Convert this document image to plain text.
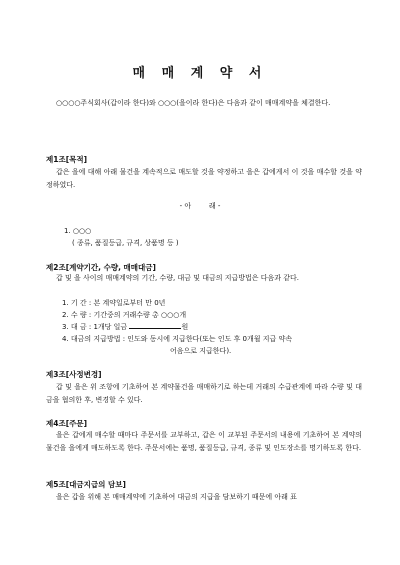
매 매 계 약 서
○○○○주식회사(갑이라 한다)와 ○○○(을이라 한다)은 다음과 같이 매매계약을 체결한다.
제1조[목적]
갑은 을에 대해 아래 물건을 계속적으로 매도할 것을 약정하고 을은 갑에게서 이 것을 매수할 것을 약정하였다.
- 아        래 -
1. ○○○
( 종류, 품질등급, 규격, 상품명 등 )
제2조[계약기간, 수량, 매매대금]
갑 및 을 사이의 매매계약의 기간, 수량, 대금 및 대금의 지급방법은 다음과 같다.
1. 기 간 : 본 계약일로부터 만 0년
2. 수 량 : 기간중의 거래수량 총 ○○○개
3. 대 금 : 1개당 일금	원
4. 대금의 지급방법 : 인도와 동시에 지급한다(또는 인도 후 0개월 지급 약속
어음으로 지급한다).
제3조[사정변경]
갑 및 을은 위 조항에 기초하여 본 계약물건을 매매하기로 하는데 거래의 수급관계에 따라 수량 및 대금을 협의한 후, 변경할 수 있다.
제4조[주문]
을은 갑에게 매수할 때마다 주문서를 교부하고, 갑은 이 교부된 주문서의 내용에 기초하여 본 계약의 물건을 을에게 매도하도록 한다. 주문서에는 품명, 품질등급, 규격, 종류 및 인도장소를 명기하도록 한다.
제5조[대금지급의 담보]
을은 갑을 위해 본 매매계약에 기초하여 대금의 지급을 담보하기 때문에 아래 표
